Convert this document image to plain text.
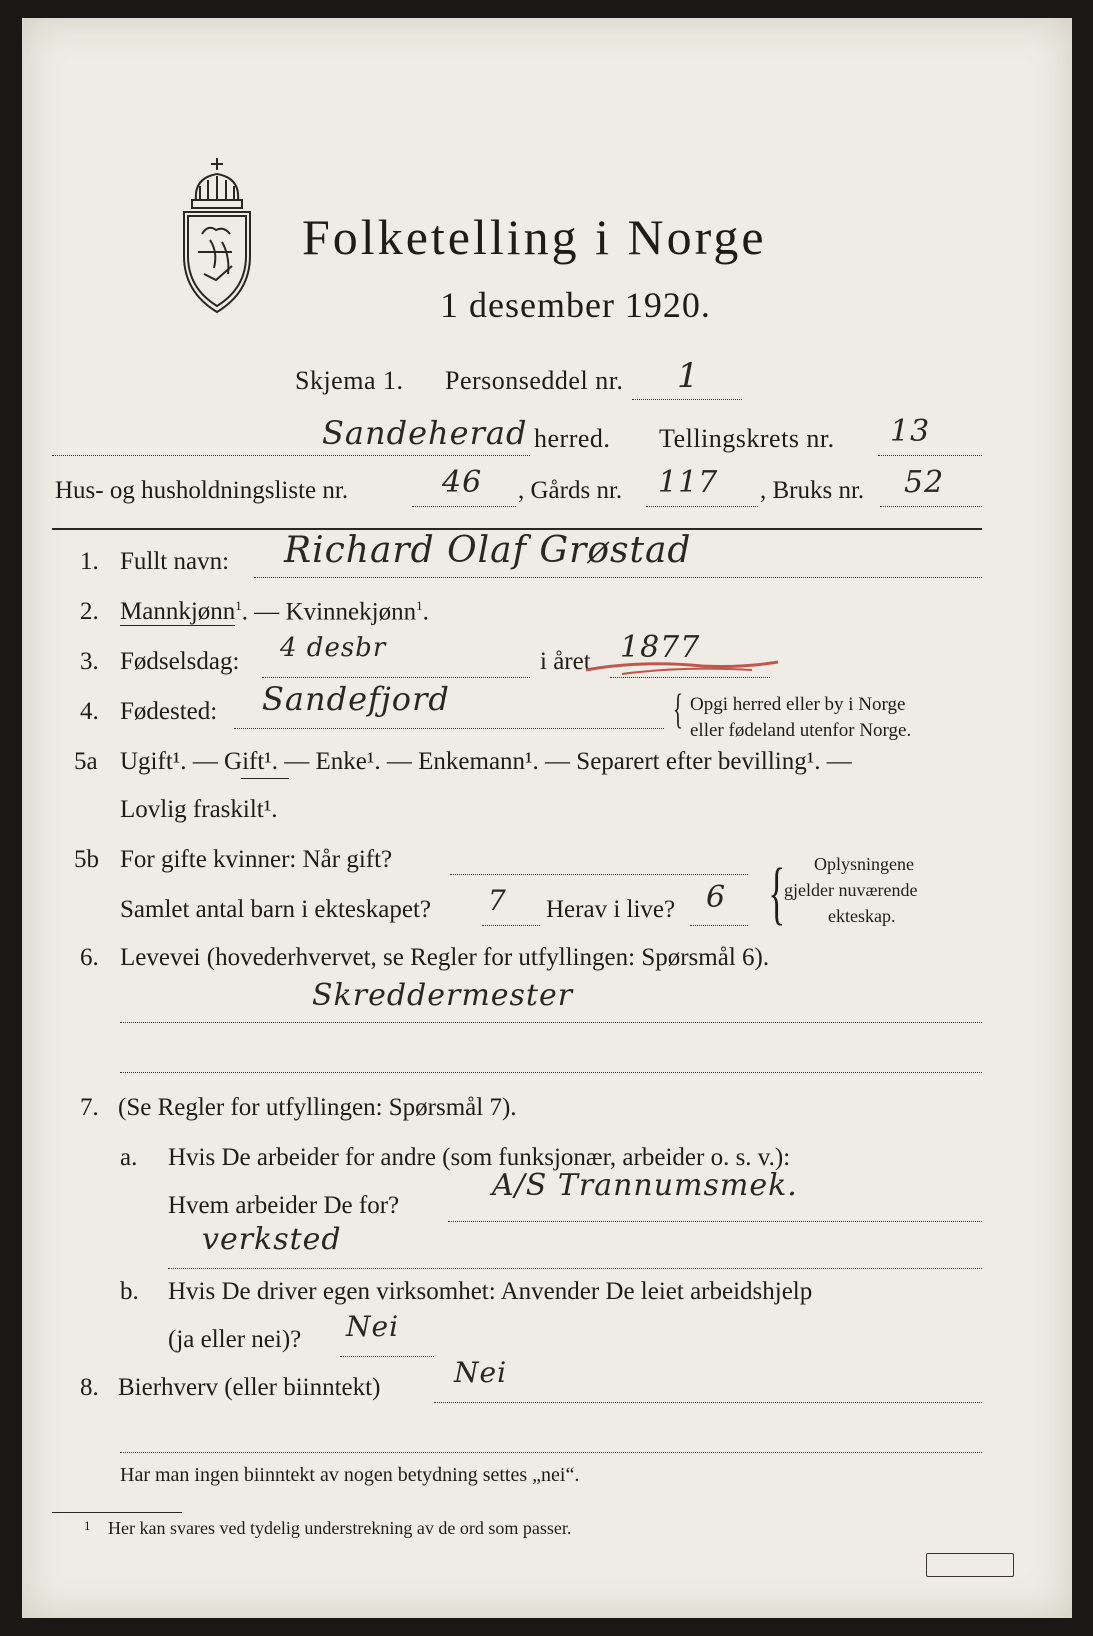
Folketelling i Norge
1 desember 1920.
Skjema 1. Personseddel nr. 1
Sandeherad herred. Tellingskrets nr. 13
Hus- og husholdningsliste nr.	46 , Gårds nr. 117 , Bruks nr. 52
1. Fullt navn: Richard Olaf Grøstad
2. Mannkjønn$^1$. — Kvinnekjønn$^1$.
3. Fødselsdag: 4 desbr	i året 1877
4. Fødested: Sandefjord	{ Opgi herred eller by i Norge
eller fødeland utenfor Norge.
5a Ugift¹. — Gift¹. — Enke¹. — Enkemann¹. — Separert efter bevilling¹. —
Lovlig fraskilt¹.
5b For gifte kvinner: Når gift?
Samlet antal barn i ekteskapet? 7 Herav i live? 6 { Oplysningene
gjelder nuværende
ekteskap.
6. Levevei (hovederhvervet, se Regler for utfyllingen: Spørsmål 6).
Skreddermester
7. (Se Regler for utfyllingen: Spørsmål 7).
a. Hvis De arbeider for andre (som funksjonær, arbeider o. s. v.):
Hvem arbeider De for?
A/S Trannumsmek.
verksted
b. Hvis De driver egen virksomhet: Anvender De leiet arbeidshjelp
(ja eller nei)? Nei
8. Bierhverv (eller biinntekt)	Nei
Har man ingen biinntekt av nogen betydning settes „nei“.
1 Her kan svares ved tydelig understrekning av de ord som passer.
